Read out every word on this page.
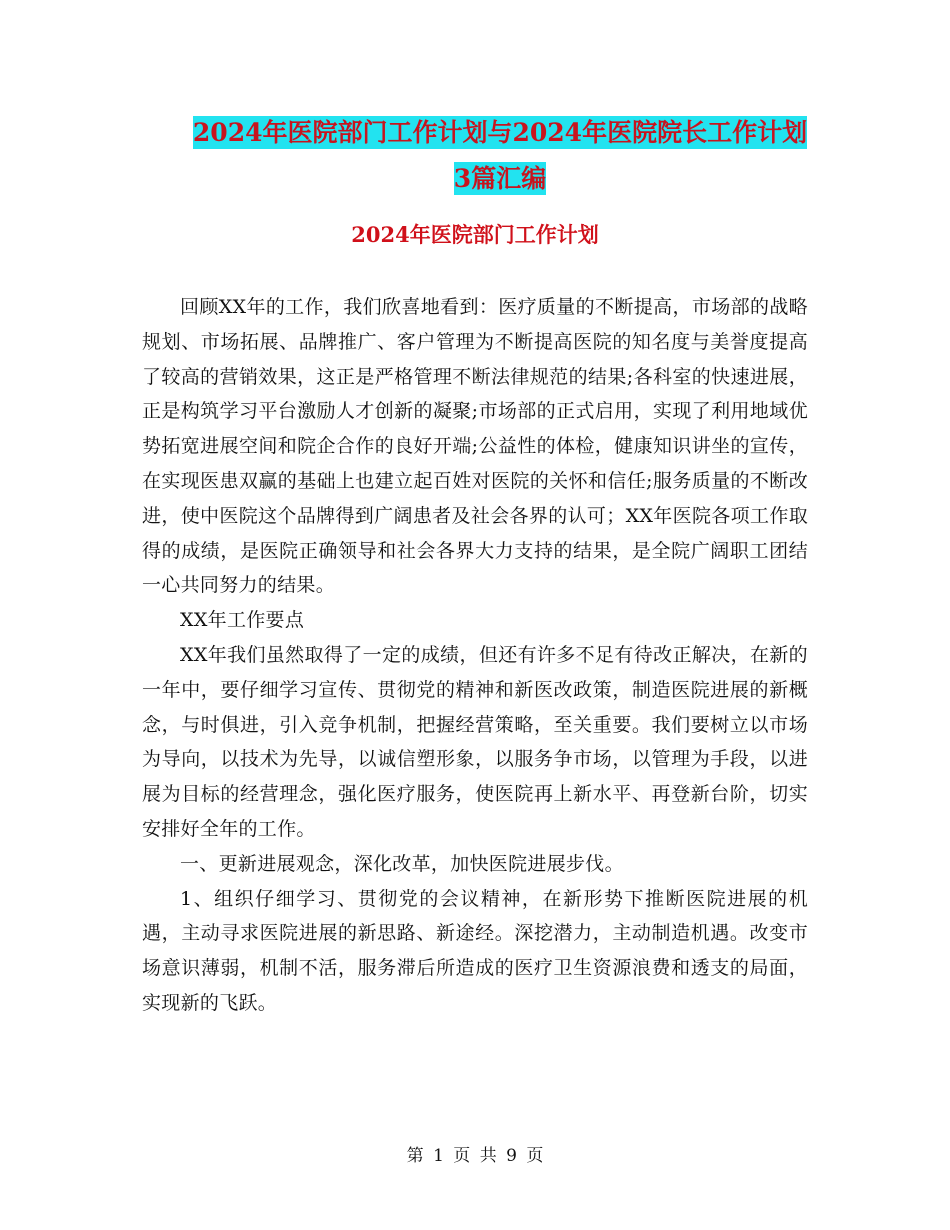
2024年医院部门工作计划与2024年医院院长工作计划
3篇汇编
2024年医院部门工作计划

回顾XX年的工作，我们欣喜地看到：医疗质量的不断提高，市场部的战略规划、市场拓展、品牌推广、客户管理为不断提高医院的知名度与美誉度提高了较高的营销效果，这正是严格管理不断法律规范的结果;各科室的快速进展，正是构筑学习平台激励人才创新的凝聚;市场部的正式启用，实现了利用地域优势拓宽进展空间和院企合作的良好开端;公益性的体检，健康知识讲坐的宣传，在实现医患双赢的基础上也建立起百姓对医院的关怀和信任;服务质量的不断改进，使中医院这个品牌得到广阔患者及社会各界的认可；XX年医院各项工作取得的成绩，是医院正确领导和社会各界大力支持的结果，是全院广阔职工团结一心共同努力的结果。

XX年工作要点

XX年我们虽然取得了一定的成绩，但还有许多不足有待改正解决，在新的一年中，要仔细学习宣传、贯彻党的精神和新医改政策，制造医院进展的新概念，与时俱进，引入竞争机制，把握经营策略，至关重要。我们要树立以市场为导向，以技术为先导，以诚信塑形象，以服务争市场，以管理为手段，以进展为目标的经营理念，强化医疗服务，使医院再上新水平、再登新台阶，切实安排好全年的工作。

一、更新进展观念，深化改革，加快医院进展步伐。

1、组织仔细学习、贯彻党的会议精神，在新形势下推断医院进展的机遇，主动寻求医院进展的新思路、新途经。深挖潜力，主动制造机遇。改变市场意识薄弱，机制不活，服务滞后所造成的医疗卫生资源浪费和透支的局面，实现新的飞跃。

第 1 页 共 9 页
